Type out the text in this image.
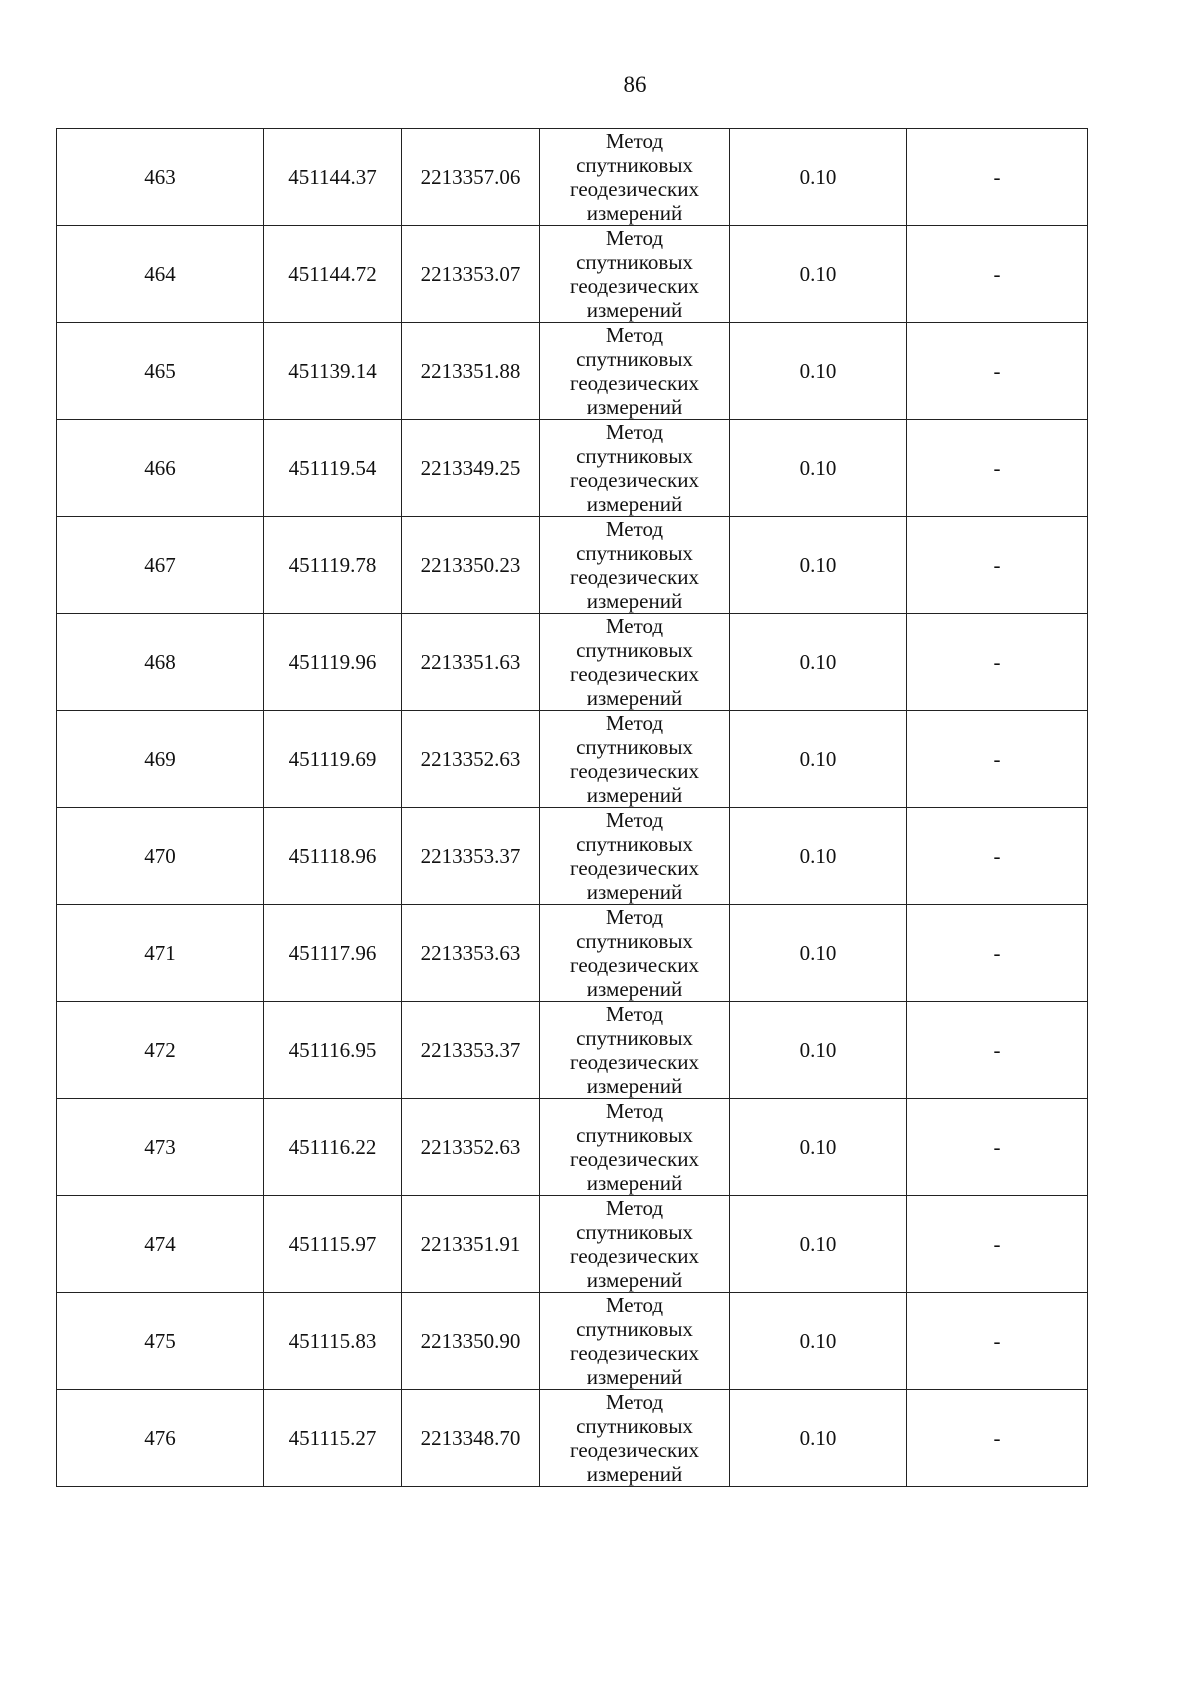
86
463	451144.37	2213357.06	Метод
спутниковых
геодезических
измерений	0.10	-
464	451144.72	2213353.07	Метод
спутниковых
геодезических
измерений	0.10	-
465	451139.14	2213351.88	Метод
спутниковых
геодезических
измерений	0.10	-
466	451119.54	2213349.25	Метод
спутниковых
геодезических
измерений	0.10	-
467	451119.78	2213350.23	Метод
спутниковых
геодезических
измерений	0.10	-
468	451119.96	2213351.63	Метод
спутниковых
геодезических
измерений	0.10	-
469	451119.69	2213352.63	Метод
спутниковых
геодезических
измерений	0.10	-
470	451118.96	2213353.37	Метод
спутниковых
геодезических
измерений	0.10	-
471	451117.96	2213353.63	Метод
спутниковых
геодезических
измерений	0.10	-
472	451116.95	2213353.37	Метод
спутниковых
геодезических
измерений	0.10	-
473	451116.22	2213352.63	Метод
спутниковых
геодезических
измерений	0.10	-
474	451115.97	2213351.91	Метод
спутниковых
геодезических
измерений	0.10	-
475	451115.83	2213350.90	Метод
спутниковых
геодезических
измерений	0.10	-
476	451115.27	2213348.70	Метод
спутниковых
геодезических
измерений	0.10	-
